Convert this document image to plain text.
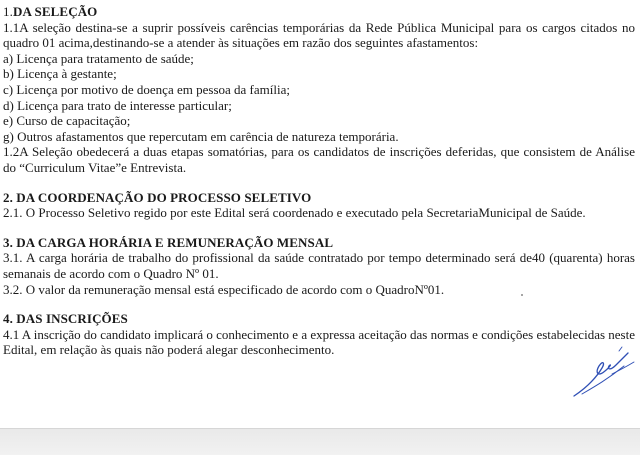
1.DA SELEÇÃO

1.1A seleção destina-se a suprir possíveis carências temporárias da Rede Pública Municipal para os cargos citados no quadro 01 acima,destinando-se a atender às situações em razão dos seguintes afastamentos:

a) Licença para tratamento de saúde;

b) Licença à gestante;

c) Licença por motivo de doença em pessoa da família;

d) Licença para trato de interesse particular;

e) Curso de capacitação;

g) Outros afastamentos que repercutam em carência de natureza temporária.

1.2A Seleção obedecerá a duas etapas somatórias, para os candidatos de inscrições deferidas, que consistem de Análise do “Curriculum Vitae”e Entrevista.

2. DA COORDENAÇÃO DO PROCESSO SELETIVO

2.1. O Processo Seletivo regido por este Edital será coordenado e executado pela SecretariaMunicipal de Saúde.

3. DA CARGA HORÁRIA E REMUNERAÇÃO MENSAL

3.1. A carga horária de trabalho do profissional da saúde contratado por tempo determinado será de40 (quarenta) horas semanais de acordo com o Quadro Nº 01.

3.2. O valor da remuneração mensal está especificado de acordo com o QuadroNº01.

4. DAS INSCRIÇÕES

4.1 A inscrição do candidato implicará o conhecimento e a expressa aceitação das normas e condições estabelecidas neste Edital, em relação às quais não poderá alegar desconhecimento.
